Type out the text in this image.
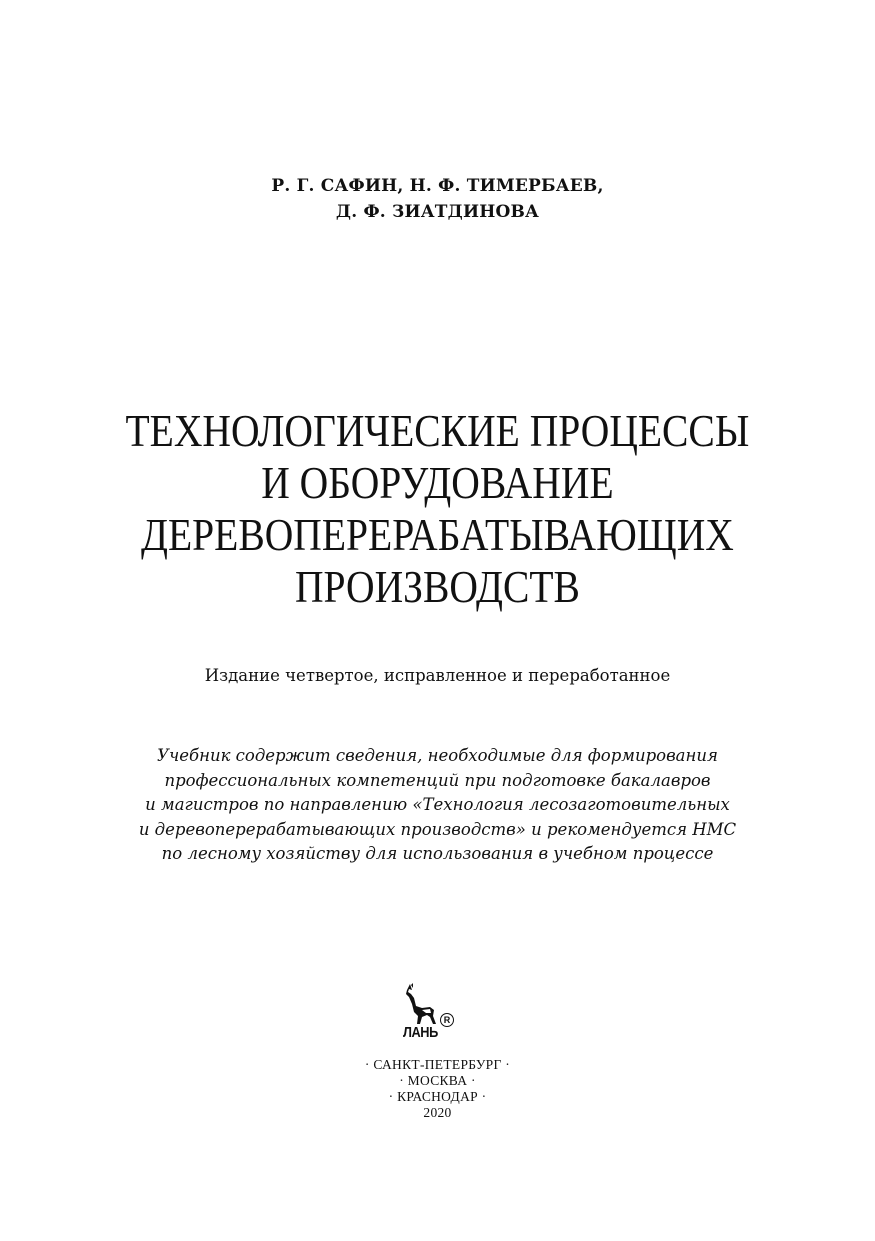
Р. Г. САФИН, Н. Ф. ТИМЕРБАЕВ,
Д. Ф. ЗИАТДИНОВА
ТЕХНОЛОГИЧЕСКИЕ ПРОЦЕССЫ
И ОБОРУДОВАНИЕ
ДЕРЕВОПЕРЕРАБАТЫВАЮЩИХ
ПРОИЗВОДСТВ
Издание четвертое, исправленное и переработанное
Учебник содержит сведения, необходимые для формирования
профессиональных компетенций при подготовке бакалавров
и магистров по направлению «Технология лесозаготовительных
и деревоперерабатывающих производств» и рекомендуется НМС
по лесному хозяйству для использования в учебном процессе
ЛАНЬ
R
· САНКТ-ПЕТЕРБУРГ ·
· МОСКВА ·
· КРАСНОДАР ·
2020
